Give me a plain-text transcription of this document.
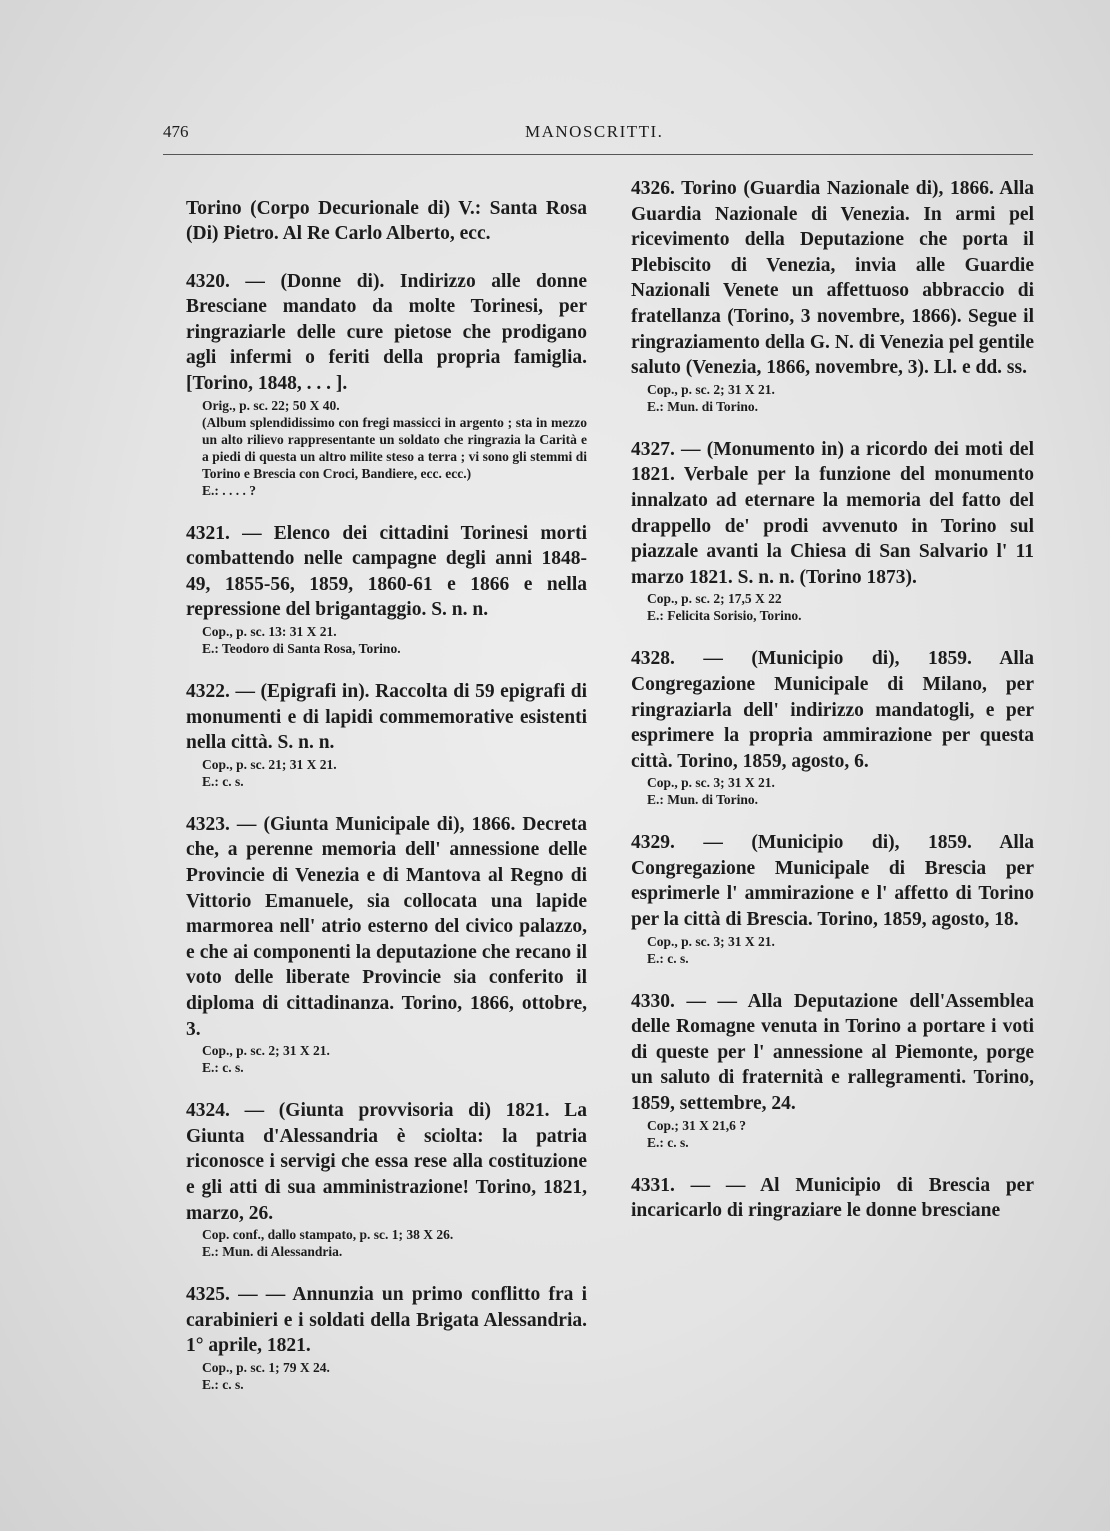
476	MANOSCRITTI.

Torino (Corpo Decurionale di) V.: Santa Rosa (Di) Pietro. Al Re Carlo Alberto, ecc.

4320. — (Donne di). Indirizzo alle donne Bresciane mandato da molte Torinesi, per ringraziarle delle cure pietose che prodigano agli infermi o feriti della propria famiglia. [Torino, 1848, . . . ].

Orig., p. sc. 22; 50 X 40.

(Album splendidissimo con fregi massicci in argento ; sta in mezzo un alto rilievo rappresentante un soldato che ringrazia la Carità e a piedi di questa un altro milite steso a terra ; vi sono gli stemmi di Torino e Brescia con Croci, Bandiere, ecc. ecc.)

E.: . . . . ?

4321. — Elenco dei cittadini Torinesi morti combattendo nelle campagne degli anni 1848-49, 1855-56, 1859, 1860-61 e 1866 e nella repressione del brigantaggio. S. n. n.

Cop., p. sc. 13: 31 X 21.

E.: Teodoro di Santa Rosa, Torino.

4322. — (Epigrafi in). Raccolta di 59 epigrafi di monumenti e di lapidi commemorative esistenti nella città. S. n. n.

Cop., p. sc. 21; 31 X 21.

E.: c. s.

4323. — (Giunta Municipale di), 1866. Decreta che, a perenne memoria dell' annessione delle Provincie di Venezia e di Mantova al Regno di Vittorio Emanuele, sia collocata una lapide marmorea nell' atrio esterno del civico palazzo, e che ai componenti la deputazione che recano il voto delle liberate Provincie sia conferito il diploma di cittadinanza. Torino, 1866, ottobre, 3.

Cop., p. sc. 2; 31 X 21.

E.: c. s.

4324. — (Giunta provvisoria di) 1821. La Giunta d'Alessandria è sciolta: la patria riconosce i servigi che essa rese alla costituzione e gli atti di sua amministrazione! Torino, 1821, marzo, 26.

Cop. conf., dallo stampato, p. sc. 1; 38 X 26.

E.: Mun. di Alessandria.

4325. — — Annunzia un primo conflitto fra i carabinieri e i soldati della Brigata Alessandria. 1° aprile, 1821.

Cop., p. sc. 1; 79 X 24.

E.: c. s.

4326. Torino (Guardia Nazionale di), 1866. Alla Guardia Nazionale di Venezia. In armi pel ricevimento della Deputazione che porta il Plebiscito di Venezia, invia alle Guardie Nazionali Venete un affettuoso abbraccio di fratellanza (Torino, 3 novembre, 1866). Segue il ringraziamento della G. N. di Venezia pel gentile saluto (Venezia, 1866, novembre, 3). Ll. e dd. ss.

Cop., p. sc. 2; 31 X 21.

E.: Mun. di Torino.

4327. — (Monumento in) a ricordo dei moti del 1821. Verbale per la funzione del monumento innalzato ad eternare la memoria del fatto del drappello de' prodi avvenuto in Torino sul piazzale avanti la Chiesa di San Salvario l' 11 marzo 1821. S. n. n. (Torino 1873).

Cop., p. sc. 2; 17,5 X 22

E.: Felicita Sorisio, Torino.

4328. — (Municipio di), 1859. Alla Congregazione Municipale di Milano, per ringraziarla dell' indirizzo mandatogli, e per esprimere la propria ammirazione per questa città. Torino, 1859, agosto, 6.

Cop., p. sc. 3; 31 X 21.

E.: Mun. di Torino.

4329. — (Municipio di), 1859. Alla Congregazione Municipale di Brescia per esprimerle l' ammirazione e l' affetto di Torino per la città di Brescia. Torino, 1859, agosto, 18.

Cop., p. sc. 3; 31 X 21.

E.: c. s.

4330. — — Alla Deputazione dell'Assemblea delle Romagne venuta in Torino a portare i voti di queste per l' annessione al Piemonte, porge un saluto di fraternità e rallegramenti. Torino, 1859, settembre, 24.

Cop.; 31 X 21,6 ?

E.: c. s.

4331. — — Al Municipio di Brescia per incaricarlo di ringraziare le donne bresciane
